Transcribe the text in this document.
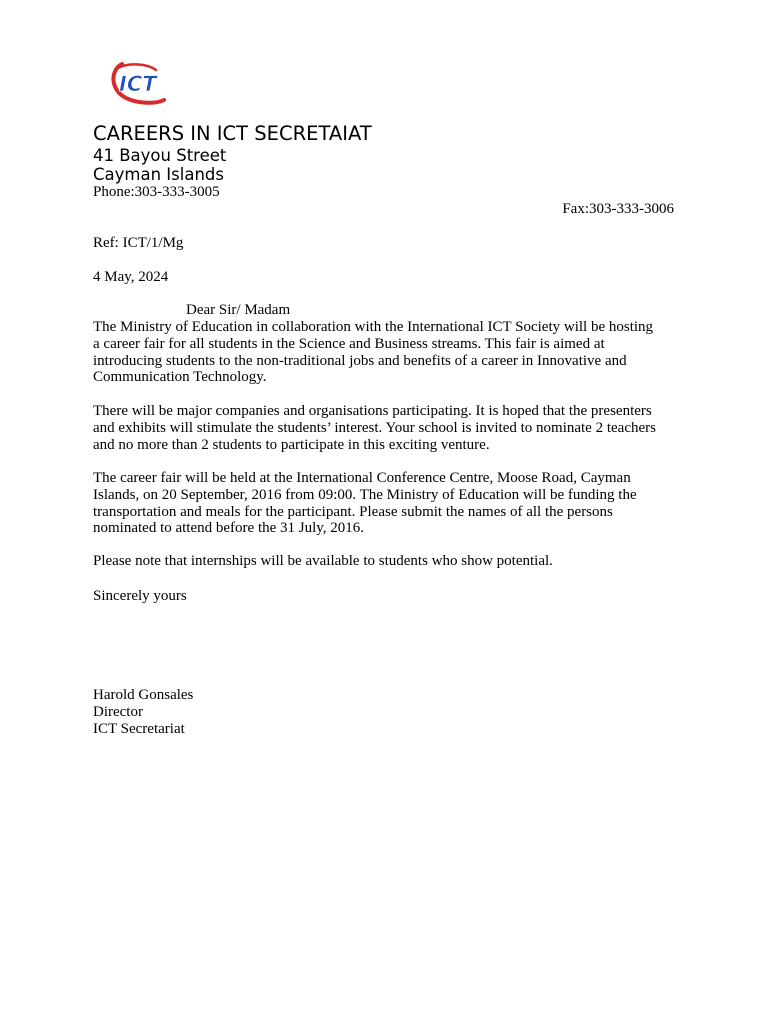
ICT

CAREERS IN ICT SECRETAIAT

41 Bayou Street

Cayman Islands

Phone:303-333-3005

Fax:303-333-3006

Ref: ICT/1/Mg

4 May, 2024

Dear Sir/ Madam

The Ministry of Education in collaboration with the International ICT Society will be hosting
a career fair for all students in the Science and Business streams. This fair is aimed at
introducing students to the non-traditional jobs and benefits of a career in Innovative and
Communication Technology.
There will be major companies and organisations participating. It is hoped that the presenters
and exhibits will stimulate the students’ interest. Your school is invited to nominate 2 teachers
and no more than 2 students to participate in this exciting venture.
The career fair will be held at the International Conference Centre, Moose Road, Cayman
Islands, on 20 September, 2016 from 09:00. The Ministry of Education will be funding the
transportation and meals for the participant. Please submit the names of all the persons
nominated to attend before the 31 July, 2016.
Please note that internships will be available to students who show potential.

Sincerely yours

Harold Gonsales

Director

ICT Secretariat
